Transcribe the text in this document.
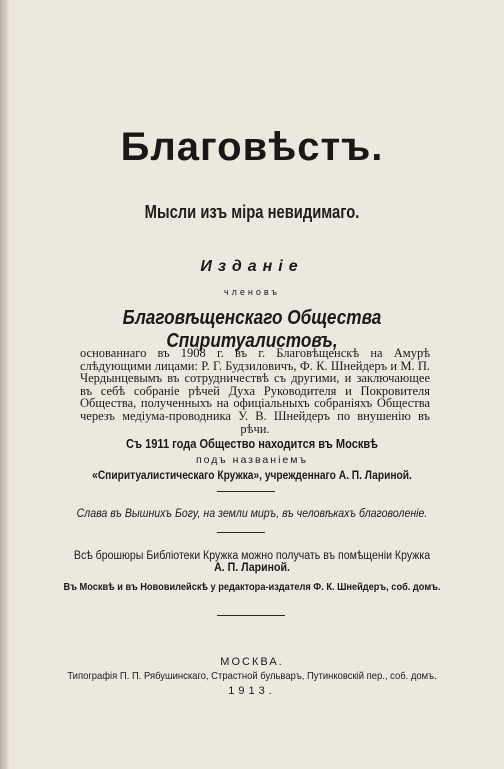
Благовѣстъ.
Мысли изъ міра невидимаго.
Изданіе
членовъ
Благовѣщенскаго Общества Спиритуалистовъ,
основаннаго въ 1908 г. въ г. Благовѣщенскѣ на Амурѣ слѣдующими лицами: Р. Г. Будзиловичъ, Ф. К. Шнейдеръ и М. П. Чердынцевымъ въ сотрудничествѣ съ другими, и заключающее въ себѣ собраніе рѣчей Духа Руководителя и Покровителя Общества, полученныхъ на офиціальныхъ собраніяхъ Общества черезъ медіума-проводника У. В. Шнейдеръ по внушенію въ рѣчи.
Съ 1911 года Общество находится въ Москвѣ
подъ названіемъ
«Спиритуалистическаго Кружка», учрежденнаго А. П. Лариной.
Слава въ Вышнихъ Богу, на земли миръ, въ человѣкахъ благоволеніе.
Всѣ брошюры Библіотеки Кружка можно получать въ помѣщеніи Кружка
А. П. Лариной.
Въ Москвѣ и въ Нововилейскѣ у редактора-издателя Ф. К. Шнейдеръ, соб. домъ.
МОСКВА.
Типографія П. П. Рябушинскаго, Страстной бульваръ, Путинковскій пер., соб. домъ.
1913.
